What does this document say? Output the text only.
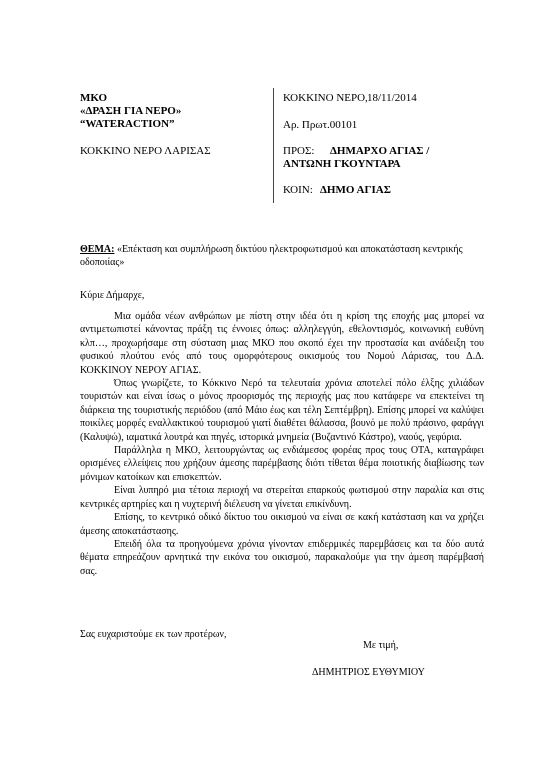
ΜΚΟ
«ΔΡΑΣΗ ΓΙΑ ΝΕΡΟ»
“WATERACTION”
ΚΟΚΚΙΝΟ ΝΕΡΟ ΛΑΡΙΣΑΣ
ΚΟΚΚΙΝΟ ΝΕΡΟ, 18/11/2014
Αρ. Πρωτ.00101
ΠΡΟΣ: ΔΗΜΑΡΧΟ ΑΓΙΑΣ /
ΑΝΤΩΝΗ ΓΚΟΥΝΤΑΡΑ
ΚΟΙΝ: ΔΗΜΟ ΑΓΙΑΣ
ΘΕΜΑ: «Επέκταση και συμπλήρωση δικτύου ηλεκτροφωτισμού και αποκατάσταση κεντρικής οδοποιίας»
Κύριε Δήμαρχε,

Μια ομάδα νέων ανθρώπων με πίστη στην ιδέα ότι η κρίση της εποχής μας μπορεί να αντιμετωπιστεί κάνοντας πράξη τις έννοιες όπως: αλληλεγγύη, εθελοντισμός, κοινωνική ευθύνη κλπ…, προχωρήσαμε στη σύσταση μιας ΜΚΟ που σκοπό έχει την προστασία και ανάδειξη του φυσικού πλούτου ενός από τους ομορφότερους οικισμούς του Νομού Λάρισας, του Δ.Δ. ΚΟΚΚΙΝΟΥ ΝΕΡΟΥ ΑΓΙΑΣ.

Όπως γνωρίζετε, το Κόκκινο Νερό τα τελευταία χρόνια αποτελεί πόλο έλξης χιλιάδων τουριστών και είναι ίσως ο μόνος προορισμός της περιοχής μας που κατάφερε να επεκτείνει τη διάρκεια της τουριστικής περιόδου (από Μάιο έως και τέλη Σεπτέμβρη). Επίσης μπορεί να καλύψει ποικίλες μορφές εναλλακτικού τουρισμού γιατί διαθέτει θάλασσα, βουνό με πολύ πράσινο, φαράγγι (Καλυψώ), ιαματικά λουτρά και πηγές, ιστορικά μνημεία (Βυζαντινό Κάστρο), ναούς, γεφύρια.

Παράλληλα η ΜΚΟ, λειτουργώντας ως ενδιάμεσος φορέας προς τους ΟΤΑ, καταγράφει ορισμένες ελλείψεις που χρήζουν άμεσης παρέμβασης διότι τίθεται θέμα ποιοτικής διαβίωσης των μόνιμων κατοίκων και επισκεπτών.

Είναι λυπηρό μια τέτοια περιοχή να στερείται επαρκούς φωτισμού στην παραλία και στις κεντρικές αρτηρίες και η νυχτερινή διέλευση να γίνεται επικίνδυνη.

Επίσης, το κεντρικό οδικό δίκτυο του οικισμού να είναι σε κακή κατάσταση και να χρήζει άμεσης αποκατάστασης.

Επειδή όλα τα προηγούμενα χρόνια γίνονταν επιδερμικές παρεμβάσεις και τα δύο αυτά θέματα επηρεάζουν αρνητικά την εικόνα του οικισμού, παρακαλούμε για την άμεση παρέμβασή σας.

Σας ευχαριστούμε εκ των προτέρων,
Με τιμή,
ΔΗΜΗΤΡΙΟΣ ΕΥΘΥΜΙΟΥ
